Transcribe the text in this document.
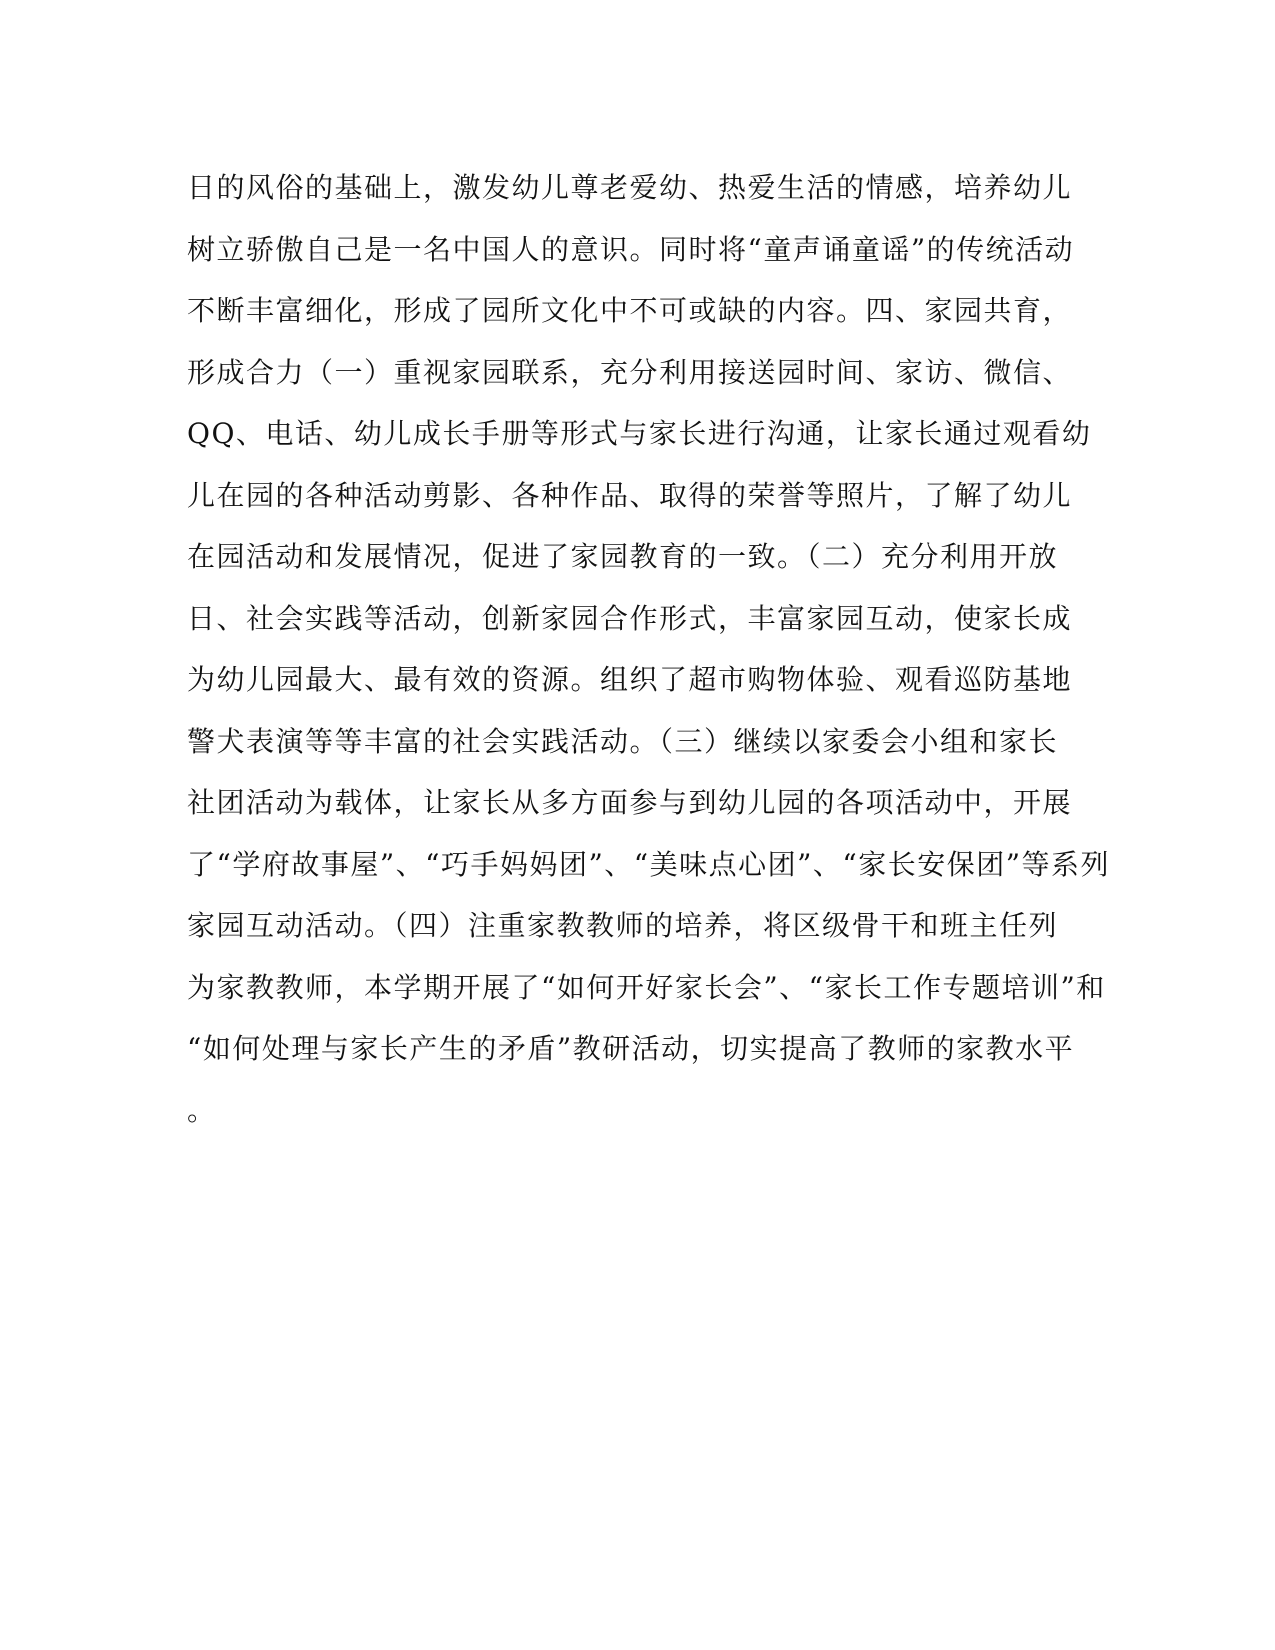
日的风俗的基础上，激发幼儿尊老爱幼、热爱生活的情感，培养幼儿
树立骄傲自己是一名中国人的意识。同时将“童声诵童谣”的传统活动
不断丰富细化，形成了园所文化中不可或缺的内容。四、家园共育，
形成合力（一）重视家园联系，充分利用接送园时间、家访、微信、
QQ、电话、幼儿成长手册等形式与家长进行沟通，让家长通过观看幼
儿在园的各种活动剪影、各种作品、取得的荣誉等照片，了解了幼儿
在园活动和发展情况，促进了家园教育的一致。（二）充分利用开放
日、社会实践等活动，创新家园合作形式，丰富家园互动，使家长成
为幼儿园最大、最有效的资源。组织了超市购物体验、观看巡防基地
警犬表演等等丰富的社会实践活动。（三）继续以家委会小组和家长
社团活动为载体，让家长从多方面参与到幼儿园的各项活动中，开展
了“学府故事屋”、“巧手妈妈团”、“美味点心团”、“家长安保团”等系列
家园互动活动。（四）注重家教教师的培养，将区级骨干和班主任列
为家教教师，本学期开展了“如何开好家长会”、“家长工作专题培训”和
“如何处理与家长产生的矛盾”教研活动，切实提高了教师的家教水平
。
